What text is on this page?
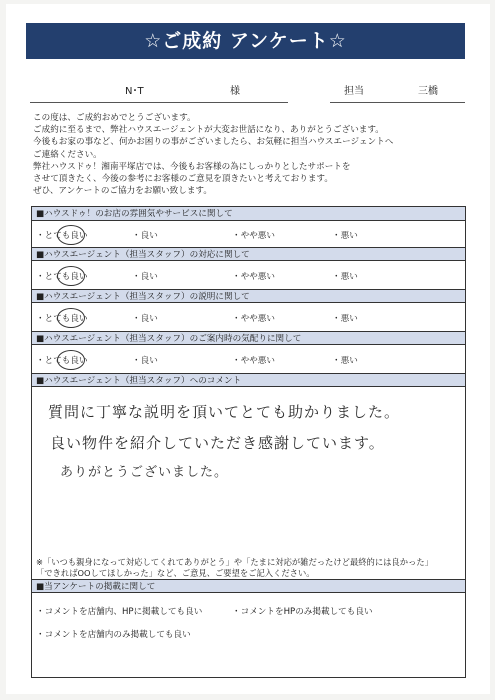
☆ご成約 アンケート☆
N･T	様	担当	三橋
この度は、ご成約おめでとうございます。
ご成約に至るまで、弊社ハウスエージェントが大変お世話になり、ありがとうございます。
今後もお家の事など、何かお困りの事がございましたら、お気軽に担当ハウスエージェントへ
ご連絡ください。
弊社ハウスドゥ！湘南平塚店では、今後もお客様の為にしっかりとしたサポートを
させて頂きたく、今後の参考にお客様のご意見を頂きたいと考えております。
ぜひ、アンケートのご協力をお願い致します。
■ハウスドゥ！のお店の雰囲気やサービスに関して
・とても良い	・良い	・やや悪い	・悪い
■ハウスエージェント（担当スタッフ）の対応に関して
・とても良い	・良い	・やや悪い	・悪い
■ハウスエージェント（担当スタッフ）の説明に関して
・とても良い	・良い	・やや悪い	・悪い
■ハウスエージェント（担当スタッフ）のご案内時の気配りに関して
・とても良い	・良い	・やや悪い	・悪い
■ハウスエージェント（担当スタッフ）へのコメント
質問に丁寧な説明を頂いてとても助かりました。
良い物件を紹介していただき感謝しています。
ありがとうございました。
※「いつも親身になって対応してくれてありがとう」や「たまに対応が雑だったけど最終的には良かった」
「できればOOしてほしかった」など、ご意見、ご要望をご記入ください。
■当アンケートの掲載に関して
・コメントを店舗内、HPに掲載しても良い	・コメントをHPのみ掲載しても良い
・コメントを店舗内のみ掲載しても良い
